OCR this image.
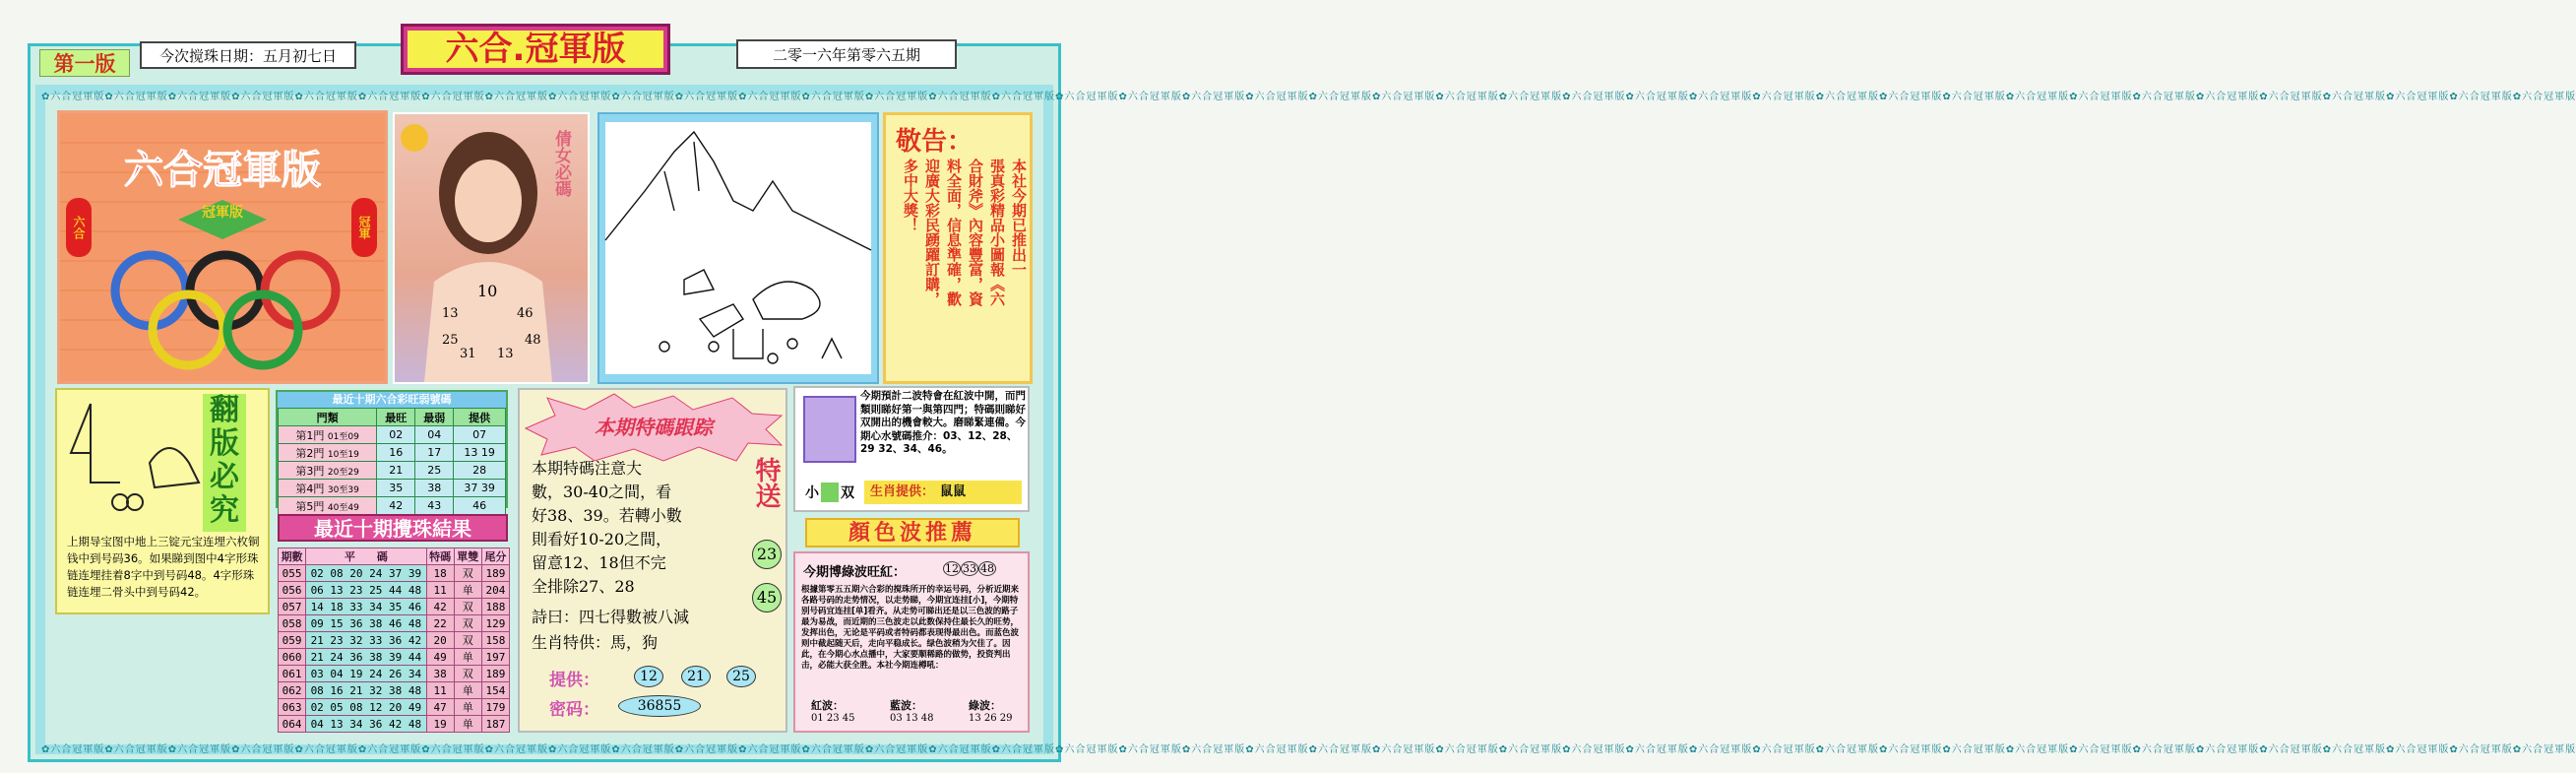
✿六合冠軍版✿六合冠軍版✿六合冠軍版✿六合冠軍版✿六合冠軍版✿六合冠軍版✿六合冠軍版✿六合冠軍版✿六合冠軍版✿六合冠軍版✿六合冠軍版✿六合冠軍版✿六合冠軍版✿六合冠軍版✿六合冠軍版✿六合冠軍版✿六合冠軍版✿六合冠軍版✿六合冠軍版✿六合冠軍版✿六合冠軍版✿六合冠軍版✿六合冠軍版✿六合冠軍版✿六合冠軍版✿六合冠軍版✿六合冠軍版✿六合冠軍版✿六合冠軍版✿六合冠軍版✿六合冠軍版✿六合冠軍版✿六合冠軍版✿六合冠軍版✿六合冠軍版✿六合冠軍版✿六合冠軍版✿六合冠軍版✿六合冠軍版✿六合冠軍版
✿六合冠軍版✿六合冠軍版✿六合冠軍版✿六合冠軍版✿六合冠軍版✿六合冠軍版✿六合冠軍版✿六合冠軍版✿六合冠軍版✿六合冠軍版✿六合冠軍版✿六合冠軍版✿六合冠軍版✿六合冠軍版✿六合冠軍版✿六合冠軍版✿六合冠軍版✿六合冠軍版✿六合冠軍版✿六合冠軍版✿六合冠軍版✿六合冠軍版✿六合冠軍版✿六合冠軍版✿六合冠軍版✿六合冠軍版✿六合冠軍版✿六合冠軍版✿六合冠軍版✿六合冠軍版✿六合冠軍版✿六合冠軍版✿六合冠軍版✿六合冠軍版✿六合冠軍版✿六合冠軍版✿六合冠軍版✿六合冠軍版✿六合冠軍版✿六合冠軍版
第一版	今次搅珠日期：五月初七日	六合.冠軍版	二零一六年第零六五期
六合冠軍版
冠軍版
六合	冠軍
倩女必碼
10
13	46
25	48
31 13
敬告：
本社今期已推出一
張真彩精品小圖報《六
合財斧》內容豐富，資
料全面，信息準確，歡
迎廣大彩民踴躍訂購，
多中大獎！
翻
版
必
究
上期导宝图中地上三锭元宝连埋六枚铜钱中到号码36。如果睇到图中4字形珠链连埋挂着8字中到号码48。4字形珠链连埋二骨头中到号码42。
最近十期六合彩旺弱號碼
門類	最旺	最弱	提供
第1門 01至09	02	04	07
第2門 10至19	16	17	13 19
第3門 20至29	21	25	28
第4門 30至39	35	38	37 39
第5門 40至49	42	43	46
最近十期攪珠結果
期數	平　　碼	特碼	單雙	尾分
055	02 08 20 24 37 39	18	双	189
056	06 13 23 25 44 48	11	单	204
057	14 18 33 34 35 46	42	双	188
058	09 15 36 38 46 48	22	双	129
059	21 23 32 33 36 42	20	双	158
060	21 24 36 38 39 44	49	单	197
061	03 04 19 24 26 34	38	双	189
062	08 16 21 32 38 48	11	单	154
063	02 05 08 12 20 49	47	单	179
064	04 13 34 36 42 48	19	单	187
本期特碼跟踪
本期特碼注意大
數，30-40之間，看
好38、39。若轉小數
則看好10-20之間，
留意12、18但不完
全排除27、28
詩曰：四七得數被八減
生肖特供：馬，狗
特送
23
45
提供：	12	21	25
密码：	36855
今期預計二波特會在紅波中開，而門類則睇好第一與第四門；特碼則睇好双開出的機會較大。磨睇緊連備。今期心水號碼推介：03、12、28、29 32、34、46。
小 双	生肖提供： 鼠鼠
顏色波推薦
今期博綠波旺紅：	12 33 48
根據第零五五期六合彩的搅珠所开的幸运号码，分析近期来各路号码的走势情况，以走势睇，今期宜连挂[小]，今期特别号码宜连挂[单]看齐。从走势可睇出还是以三色波的路子最为易战，而近期的三色波走以此数保持住最长久的旺势，发挥出色，无论是平码或者特码都表现得最出色。而蓝色波则中截起随天后，走向平稳成长。绿色波稍为欠佳了。因此，在今期心水点播中，大家要顺稀路的做势，投资判出击，必能大获全胜。本社今期连樽吼：
紅波：	藍波：	綠波：
01 23 45	03 13 48	13 26 29
